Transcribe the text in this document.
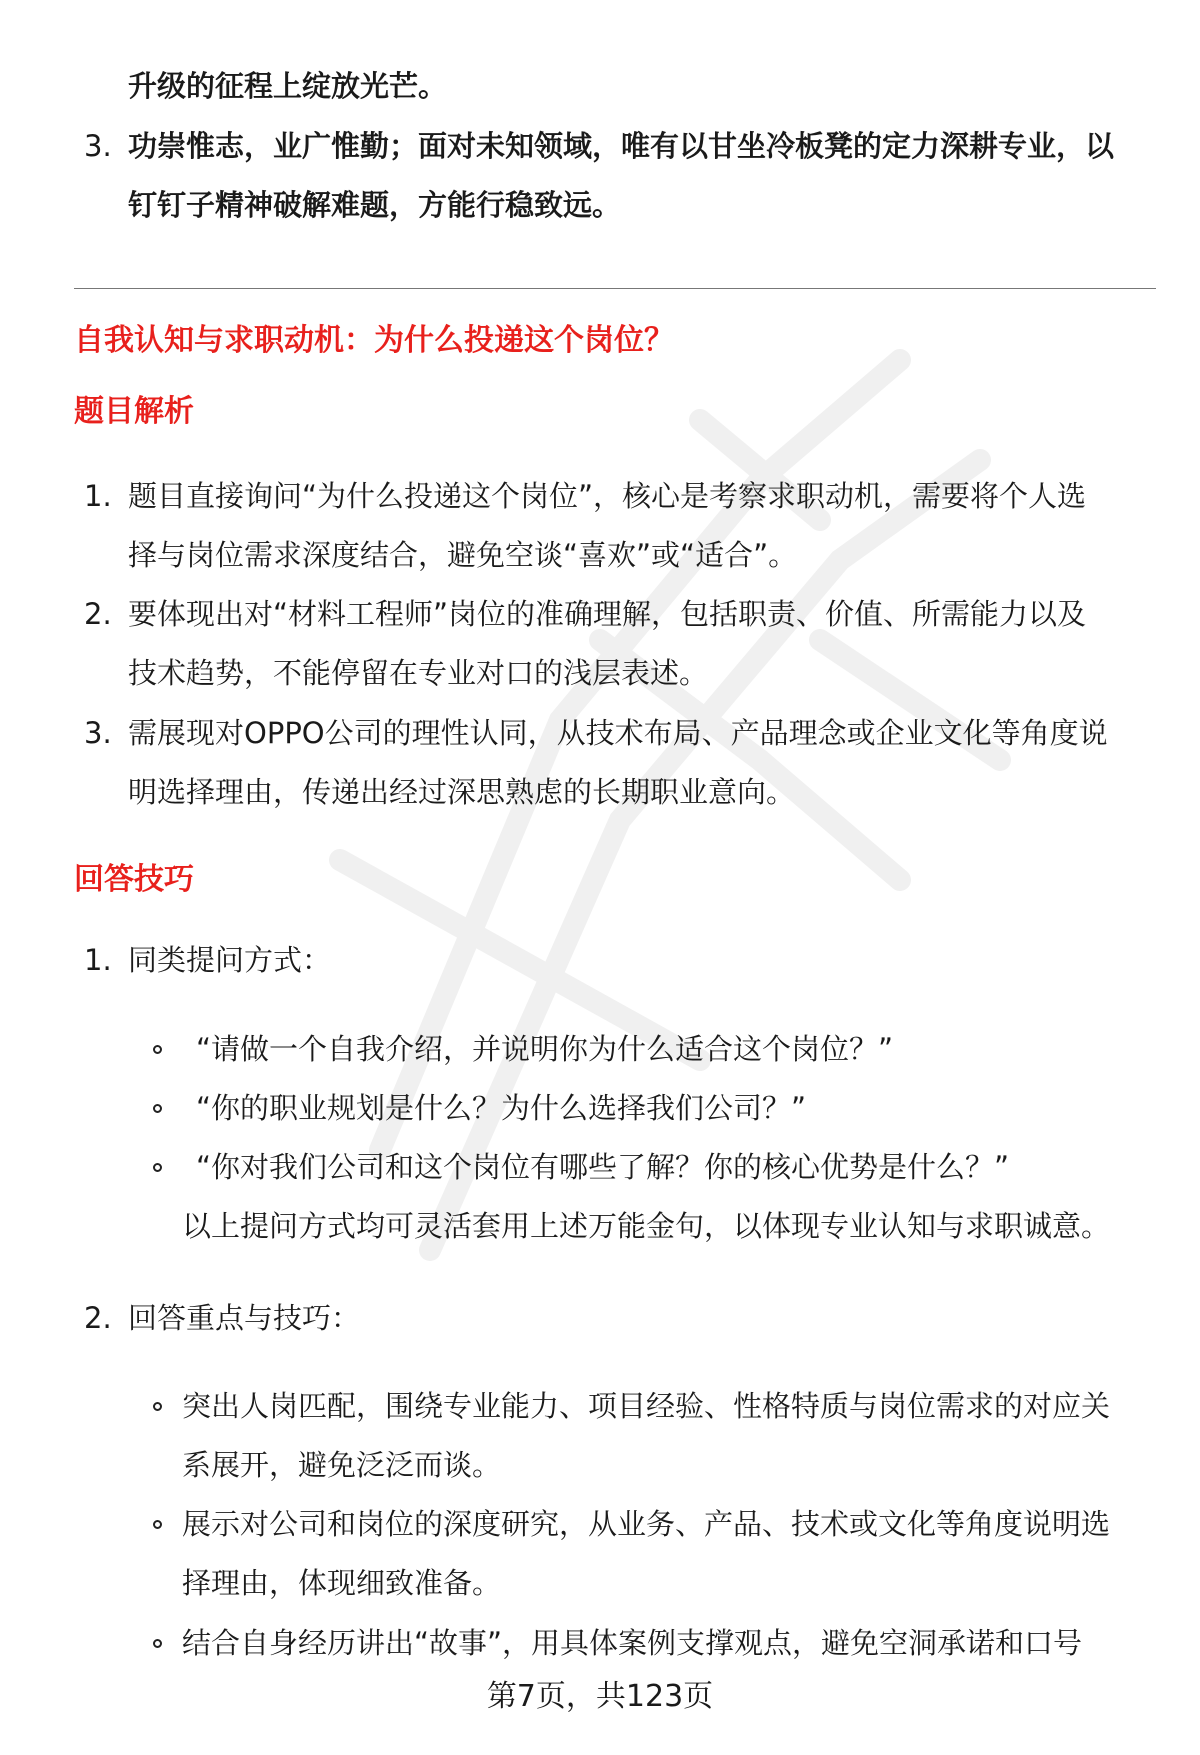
升级的征程上绽放光芒。
3. 功崇惟志，业广惟勤；面对未知领域，唯有以甘坐冷板凳的定力深耕专业，以
钉钉子精神破解难题，方能行稳致远。
自我认知与求职动机：为什么投递这个岗位？
题目解析
1. 题目直接询问“为什么投递这个岗位”，核心是考察求职动机，需要将个人选
择与岗位需求深度结合，避免空谈“喜欢”或“适合”。
2. 要体现出对“材料工程师”岗位的准确理解，包括职责、价值、所需能力以及
技术趋势，不能停留在专业对口的浅层表述。
3. 需展现对OPPO公司的理性认同，从技术布局、产品理念或企业文化等角度说
明选择理由，传递出经过深思熟虑的长期职业意向。
回答技巧
1. 同类提问方式：
“请做一个自我介绍，并说明你为什么适合这个岗位？”
“你的职业规划是什么？为什么选择我们公司？”
“你对我们公司和这个岗位有哪些了解？你的核心优势是什么？”
以上提问方式均可灵活套用上述万能金句，以体现专业认知与求职诚意。
2. 回答重点与技巧：
突出人岗匹配，围绕专业能力、项目经验、性格特质与岗位需求的对应关
系展开，避免泛泛而谈。
展示对公司和岗位的深度研究，从业务、产品、技术或文化等角度说明选
择理由，体现细致准备。
结合自身经历讲出“故事”，用具体案例支撑观点，避免空洞承诺和口号
第7页，共123页
